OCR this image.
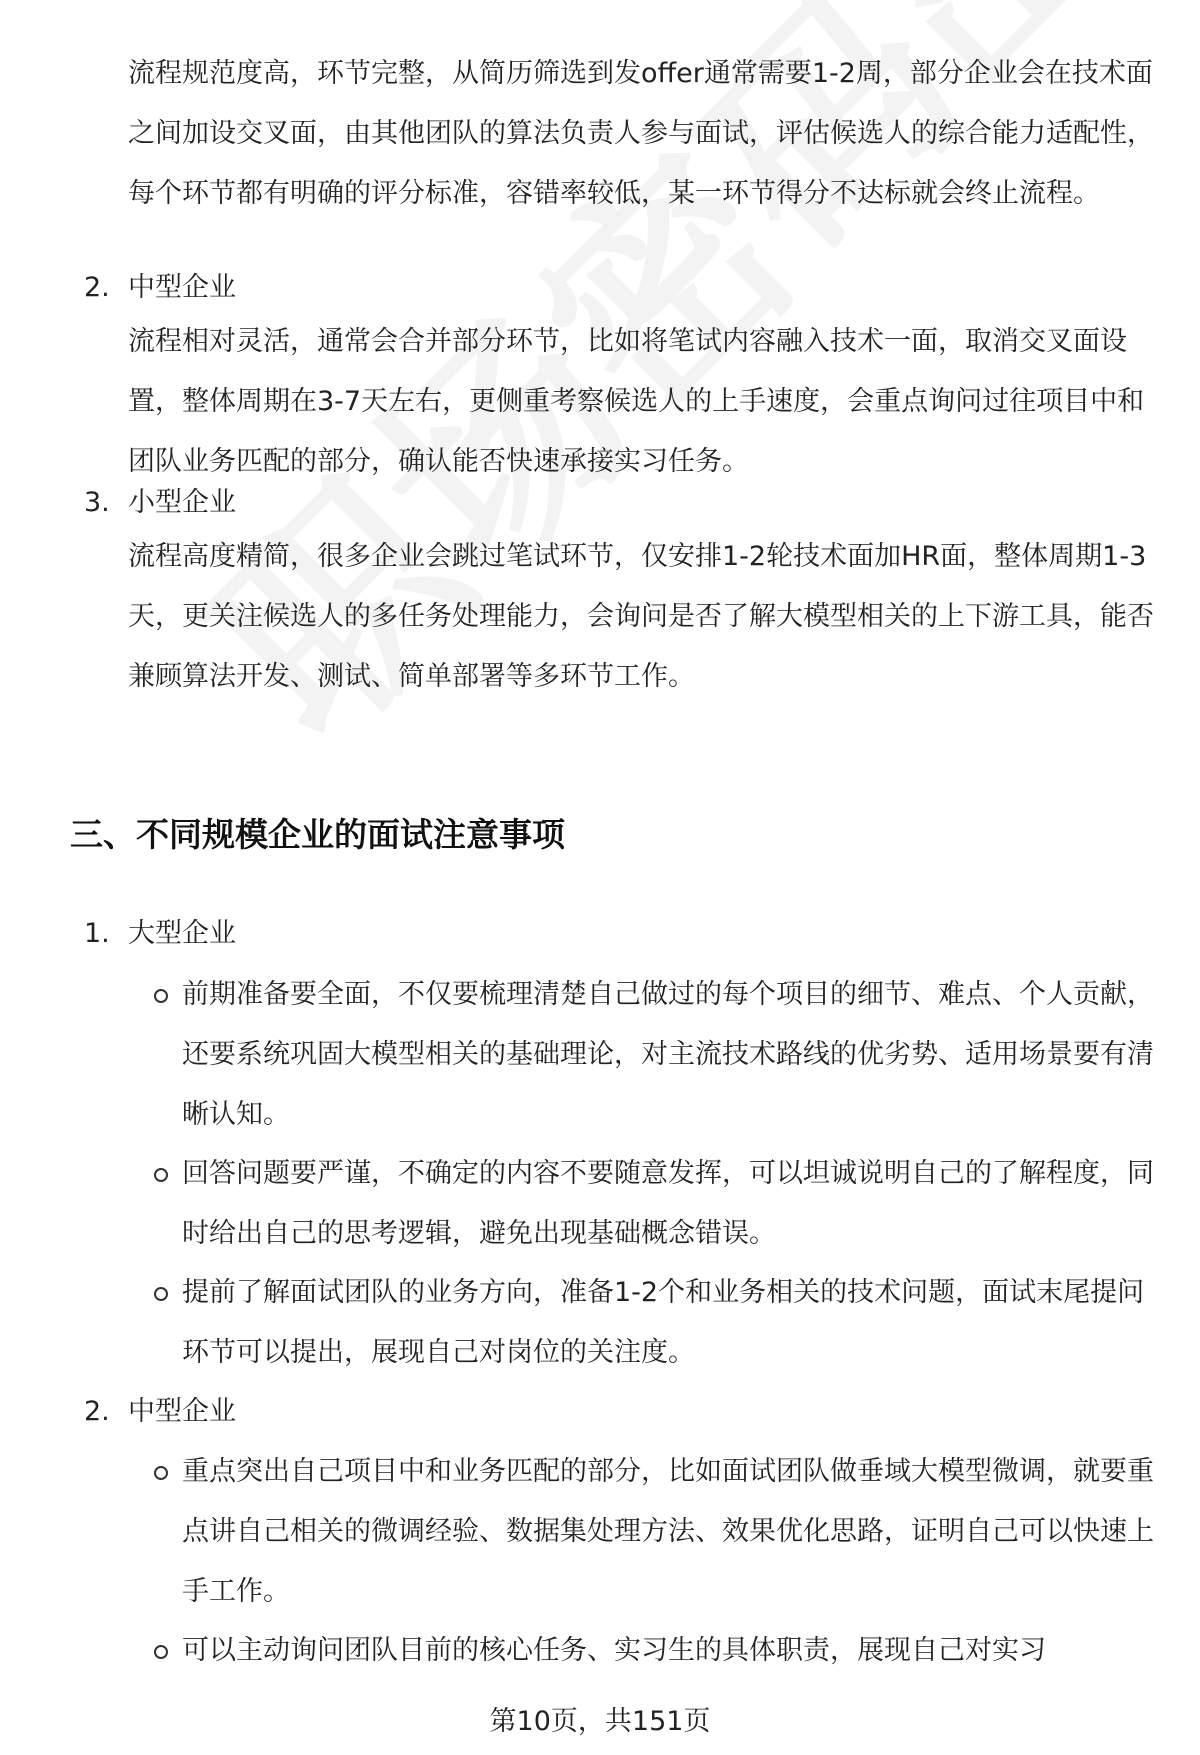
流程规范度高，环节完整，从简历筛选到发offer通常需要1-2周，部分企业会在技术面之间加设交叉面，由其他团队的算法负责人参与面试，评估候选人的综合能力适配性，每个环节都有明确的评分标准，容错率较低，某一环节得分不达标就会终止流程。

2. 中型企业

流程相对灵活，通常会合并部分环节，比如将笔试内容融入技术一面，取消交叉面设置，整体周期在3-7天左右，更侧重考察候选人的上手速度，会重点询问过往项目中和团队业务匹配的部分，确认能否快速承接实习任务。

3. 小型企业

流程高度精简，很多企业会跳过笔试环节，仅安排1-2轮技术面加HR面，整体周期1-3天，更关注候选人的多任务处理能力，会询问是否了解大模型相关的上下游工具，能否兼顾算法开发、测试、简单部署等多环节工作。

三、不同规模企业的面试注意事项
1. 大型企业
前期准备要全面，不仅要梳理清楚自己做过的每个项目的细节、难点、个人贡献，还要系统巩固大模型相关的基础理论，对主流技术路线的优劣势、适用场景要有清晰认知。
回答问题要严谨，不确定的内容不要随意发挥，可以坦诚说明自己的了解程度，同时给出自己的思考逻辑，避免出现基础概念错误。
提前了解面试团队的业务方向，准备1-2个和业务相关的技术问题，面试末尾提问环节可以提出，展现自己对岗位的关注度。
2. 中型企业
重点突出自己项目中和业务匹配的部分，比如面试团队做垂域大模型微调，就要重点讲自己相关的微调经验、数据集处理方法、效果优化思路，证明自己可以快速上手工作。
可以主动询问团队目前的核心任务、实习生的具体职责，展现自己对实习
第10页，共151页
